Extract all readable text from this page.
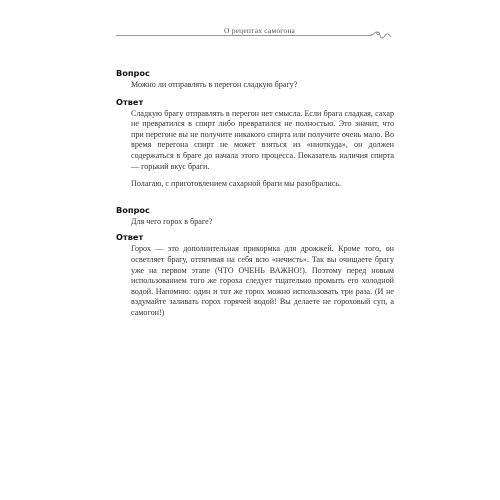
О рецептах самогона

Вопрос

Можно ли отправлять в перегон сладкую брагу?

Ответ

Сладкую брагу отправлять в перегон нет смысла. Если брага сладкая, сахар не превратился в спирт либо превратился не полностью. Это значит, что при перегоне вы не получите никакого спирта или получите очень мало. Во время перегона спирт не может взяться из «ниоткуда», он должен содержаться в браге до начала этого процесса. Показатель наличия спирта — горький вкус браги.

Полагаю, с приготовлением сахарной браги мы разобрались.

Вопрос

Для чего горох в браге?

Ответ

Горох — это дополнительная прикормка для дрожжей. Кроме того, он осветляет брагу, оттягивая на себя всю «нечисть». Так вы очищаете брагу уже на первом этапе (ЧТО ОЧЕНЬ ВАЖНО!). Поэтому перед новым использованием того же гороха следует тщательно промыть его холодной водой. Напомню: один и тот же горох можно использовать три раза. (И не вздумайте заливать горох горячей водой! Вы делаете не гороховый суп, а самогон!)
